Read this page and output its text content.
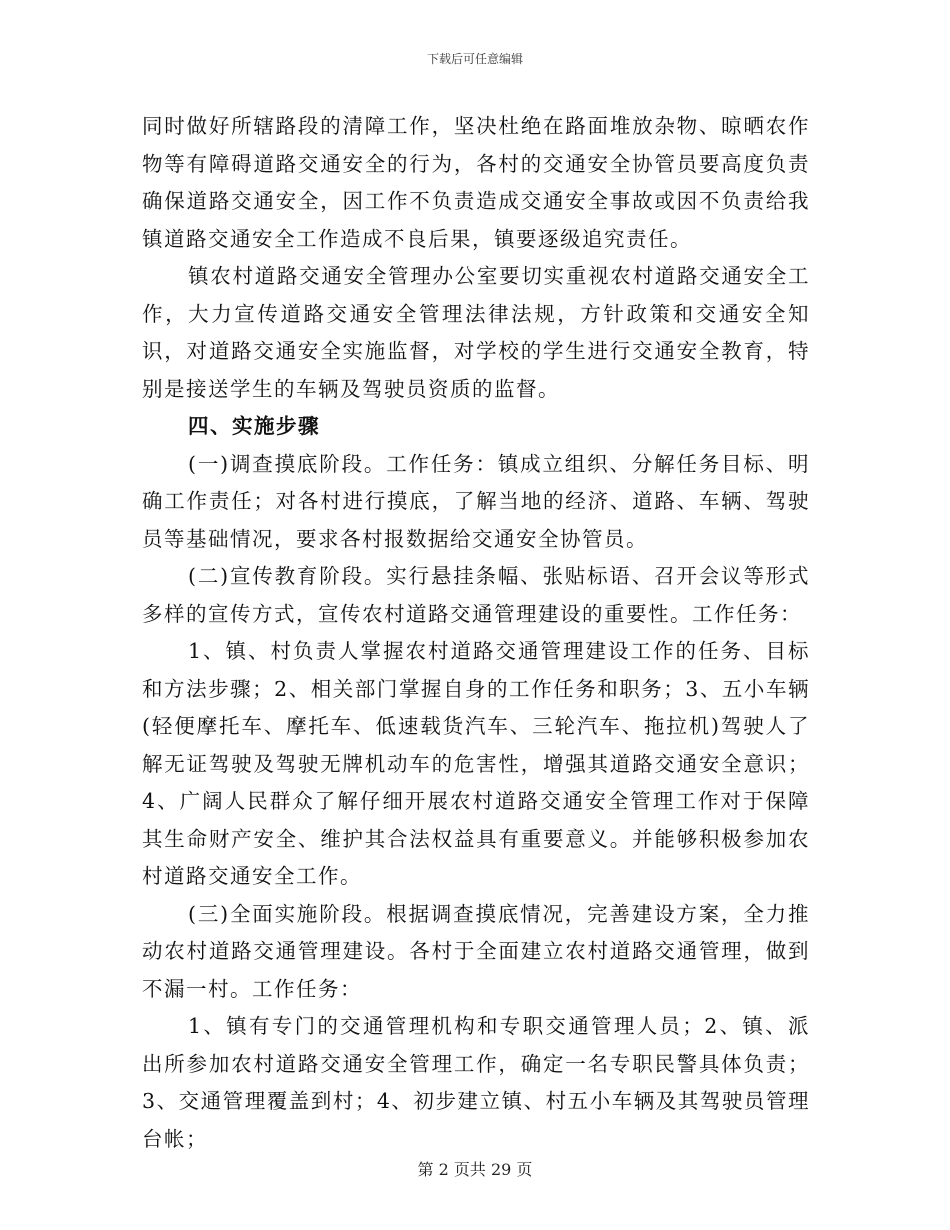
下载后可任意编辑

同时做好所辖路段的清障工作，坚决杜绝在路面堆放杂物、晾晒农作物等有障碍道路交通安全的行为，各村的交通安全协管员要高度负责确保道路交通安全，因工作不负责造成交通安全事故或因不负责给我镇道路交通安全工作造成不良后果，镇要逐级追究责任。

镇农村道路交通安全管理办公室要切实重视农村道路交通安全工作，大力宣传道路交通安全管理法律法规，方针政策和交通安全知识，对道路交通安全实施监督，对学校的学生进行交通安全教育，特别是接送学生的车辆及驾驶员资质的监督。

四、实施步骤

(一)调查摸底阶段。工作任务：镇成立组织、分解任务目标、明确工作责任；对各村进行摸底，了解当地的经济、道路、车辆、驾驶员等基础情况，要求各村报数据给交通安全协管员。

(二)宣传教育阶段。实行悬挂条幅、张贴标语、召开会议等形式多样的宣传方式，宣传农村道路交通管理建设的重要性。工作任务：

1、镇、村负责人掌握农村道路交通管理建设工作的任务、目标和方法步骤；2、相关部门掌握自身的工作任务和职务；3、五小车辆(轻便摩托车、摩托车、低速载货汽车、三轮汽车、拖拉机)驾驶人了解无证驾驶及驾驶无牌机动车的危害性，增强其道路交通安全意识；4、广阔人民群众了解仔细开展农村道路交通安全管理工作对于保障其生命财产安全、维护其合法权益具有重要意义。并能够积极参加农村道路交通安全工作。

(三)全面实施阶段。根据调查摸底情况，完善建设方案，全力推动农村道路交通管理建设。各村于全面建立农村道路交通管理，做到不漏一村。工作任务：

1、镇有专门的交通管理机构和专职交通管理人员；2、镇、派出所参加农村道路交通安全管理工作，确定一名专职民警具体负责；3、交通管理覆盖到村；4、初步建立镇、村五小车辆及其驾驶员管理台帐；

第 2 页共 29 页
